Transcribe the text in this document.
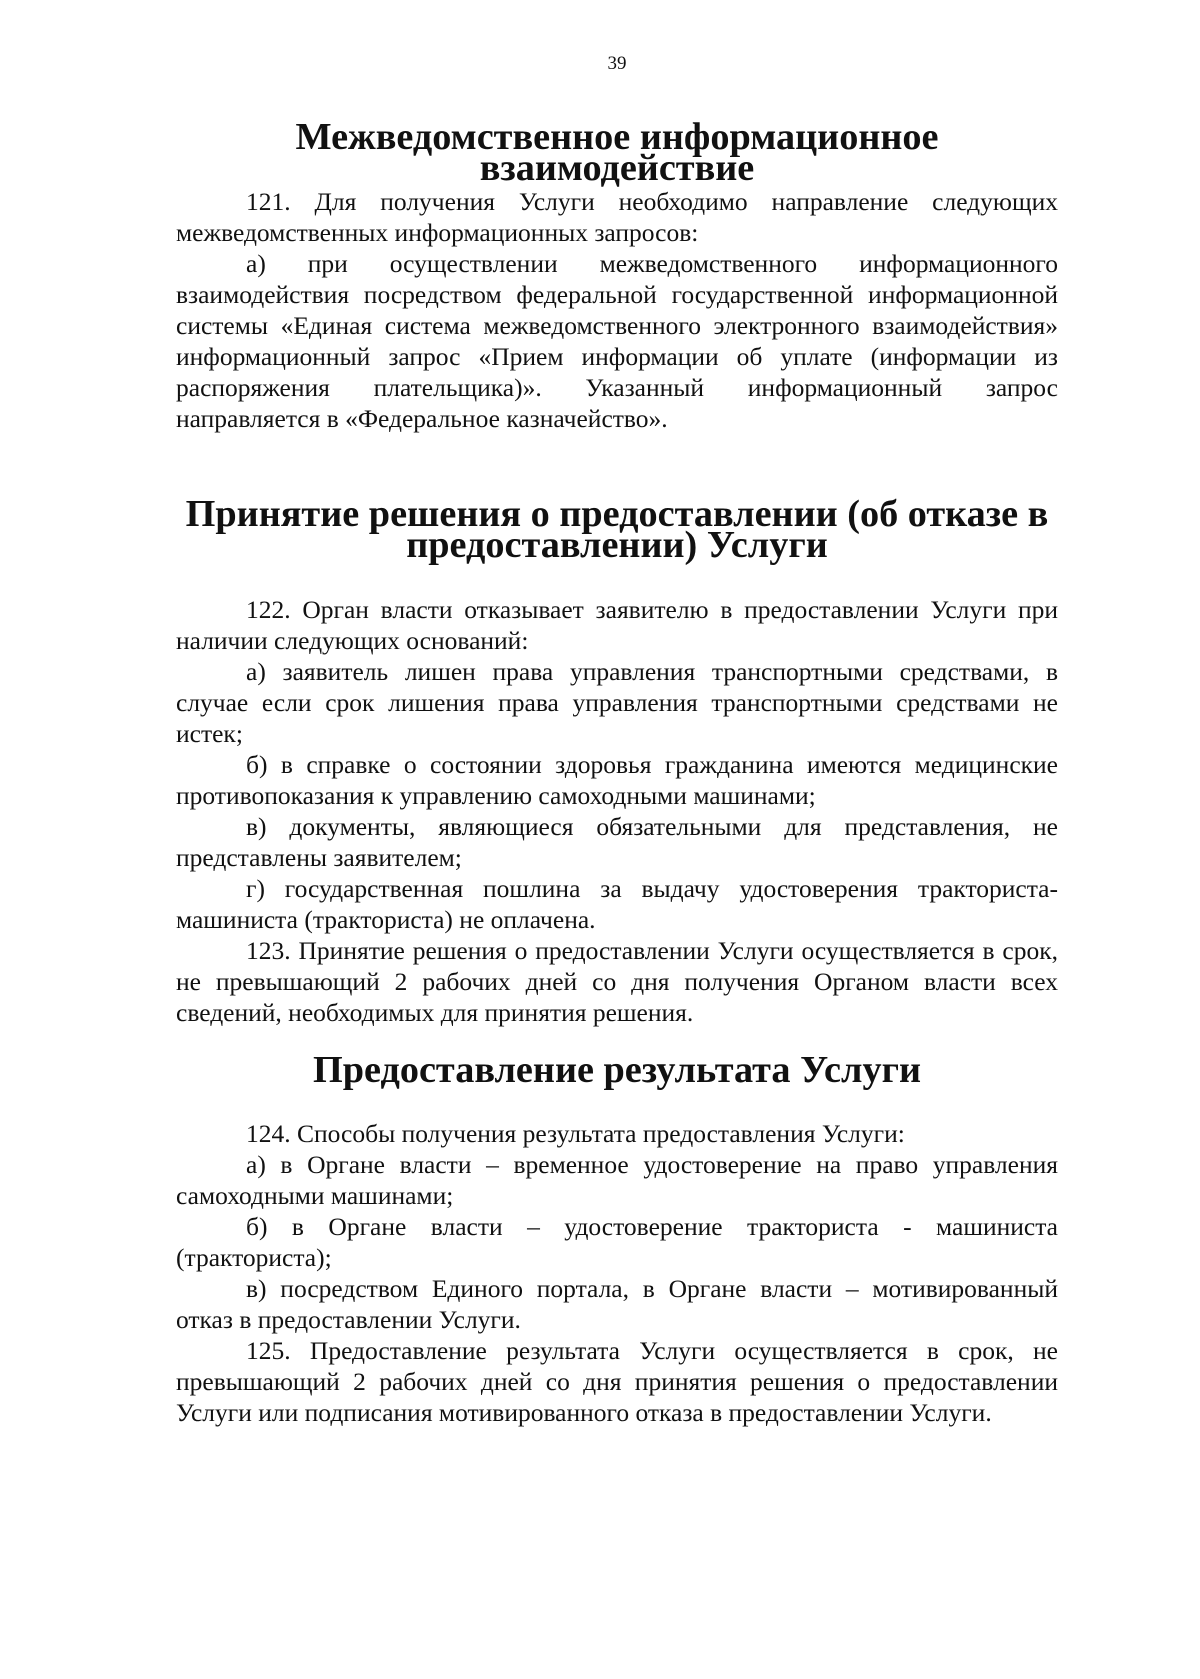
39
Межведомственное информационное взаимодействие

121. Для получения Услуги необходимо направление следующих межведомственных информационных запросов:

а) при осуществлении межведомственного информационного взаимодействия посредством федеральной государственной информационной системы «Единая система межведомственного электронного взаимодействия» информационный запрос «Прием информации об уплате (информации из распоряжения плательщика)». Указанный информационный запрос направляется в «Федеральное казначейство».

Принятие решения о предоставлении (об отказе в предоставлении) Услуги

122. Орган власти отказывает заявителю в предоставлении Услуги при наличии следующих оснований:

а) заявитель лишен права управления транспортными средствами, в случае если срок лишения права управления транспортными средствами не истек;

б) в справке о состоянии здоровья гражданина имеются медицинские противопоказания к управлению самоходными машинами;

в) документы, являющиеся обязательными для представления, не представлены заявителем;

г) государственная пошлина за выдачу удостоверения тракториста-машиниста (тракториста) не оплачена.

123. Принятие решения о предоставлении Услуги осуществляется в срок, не превышающий 2 рабочих дней со дня получения Органом власти всех сведений, необходимых для принятия решения.

Предоставление результата Услуги

124. Способы получения результата предоставления Услуги:

а) в Органе власти – временное удостоверение на право управления самоходными машинами;

б) в Органе власти – удостоверение тракториста - машиниста (тракториста);

в) посредством Единого портала, в Органе власти – мотивированный отказ в предоставлении Услуги.

125. Предоставление результата Услуги осуществляется в срок, не превышающий 2 рабочих дней со дня принятия решения о предоставлении Услуги или подписания мотивированного отказа в предоставлении Услуги.
